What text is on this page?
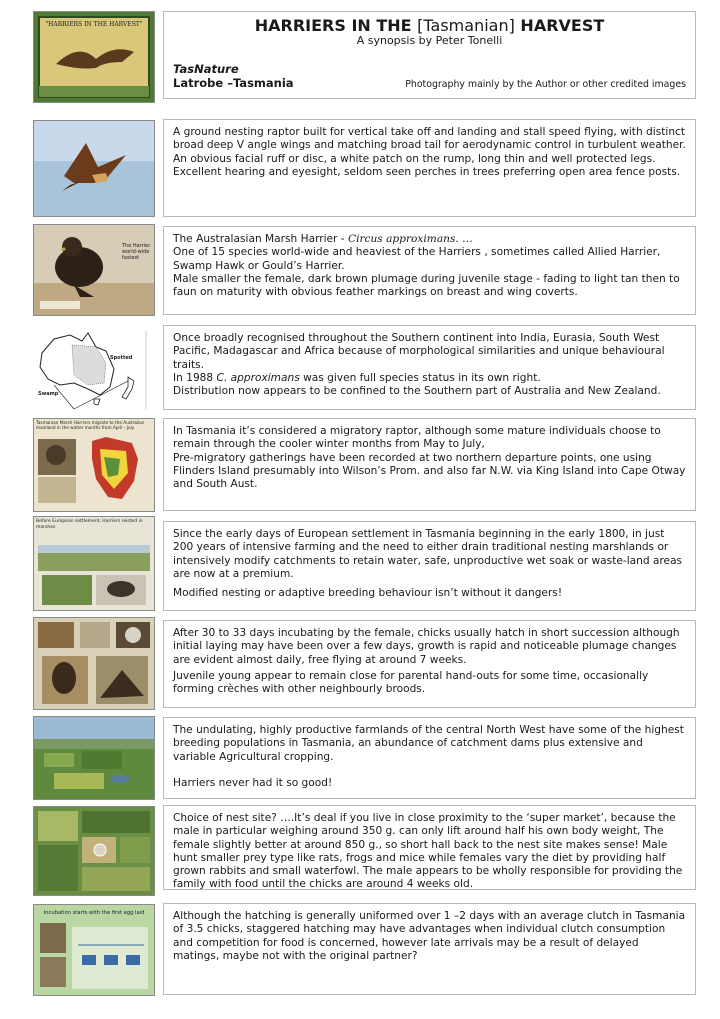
"HARRIERS IN THE HARVEST"
The Harrier world-wide fastest
Spotted
Swamp
Tasmanian Marsh Harriers migrate to the Australian mainland in the winter months from April - July
Before European settlement, Harriers nested in marshes
Incubation starts with the first egg laid
HARRIERS IN THE [Tasmanian] HARVEST
A synopsis by Peter Tonelli
TasNature
Latrobe –Tasmania	Photography mainly by the Author or other credited images

A ground nesting raptor built for vertical take off and landing and stall speed flying, with distinct broad deep V angle wings and matching broad tail for aerodynamic control in turbulent weather.

An obvious facial ruff or disc, a white patch on the rump, long thin and well protected legs. Excellent hearing and eyesight, seldom seen perches in trees preferring open area fence posts.

The Australasian Marsh Harrier - Circus approximans. …

One of 15 species world-wide and heaviest of the Harriers , sometimes called Allied Harrier, Swamp Hawk or Gould’s Harrier.

Male smaller the female, dark brown plumage during juvenile stage - fading to light tan then to faun on maturity with obvious feather markings on breast and wing coverts.

Once broadly recognised throughout the Southern continent into India, Eurasia, South West Pacific, Madagascar and Africa because of morphological similarities and unique behavioural traits.

In 1988 C. approximans was given full species status in its own right.

Distribution now appears to be confined to the Southern part of Australia and New Zealand.

In Tasmania it’s considered a migratory raptor, although some mature individuals choose to remain through the cooler winter months from May to July,

Pre-migratory gatherings have been recorded at two northern departure points, one using Flinders Island presumably into Wilson’s Prom. and also far N.W. via King Island into Cape Otway and South Aust.

Since the early days of European settlement in Tasmania beginning in the early 1800, in just 200 years of intensive farming and the need to either drain traditional nesting marshlands or intensively modify catchments to retain water, safe, unproductive wet soak or waste-land areas are now at a premium.

Modified nesting or adaptive breeding behaviour isn’t without it dangers!

After 30 to 33 days incubating by the female, chicks usually hatch in short succession although initial laying may have been over a few days, growth is rapid and noticeable plumage changes are evident almost daily, free flying at around 7 weeks.

Juvenile young appear to remain close for parental hand-outs for some time, occasionally forming crèches with other neighbourly broods.

The undulating, highly productive farmlands of the central North West have some of the highest breeding populations in Tasmania, an abundance of catchment dams plus extensive and variable Agricultural cropping.

Harriers never had it so good!

Choice of nest site? ….It’s deal if you live in close proximity to the ‘super market’, because the male in particular weighing around 350 g. can only lift around half his own body weight, The female slightly better at around 850 g., so short hall back to the nest site makes sense! Male hunt smaller prey type like rats, frogs and mice while females vary the diet by providing half grown rabbits and small waterfowl. The male appears to be wholly responsible for providing the family with food until the chicks are around 4 weeks old.

Although the hatching is generally uniformed over 1 –2 days with an average clutch in Tasmania of 3.5 chicks, staggered hatching may have advantages when individual clutch consumption and competition for food is concerned, however late arrivals may be a result of delayed matings, maybe not with the original partner?
